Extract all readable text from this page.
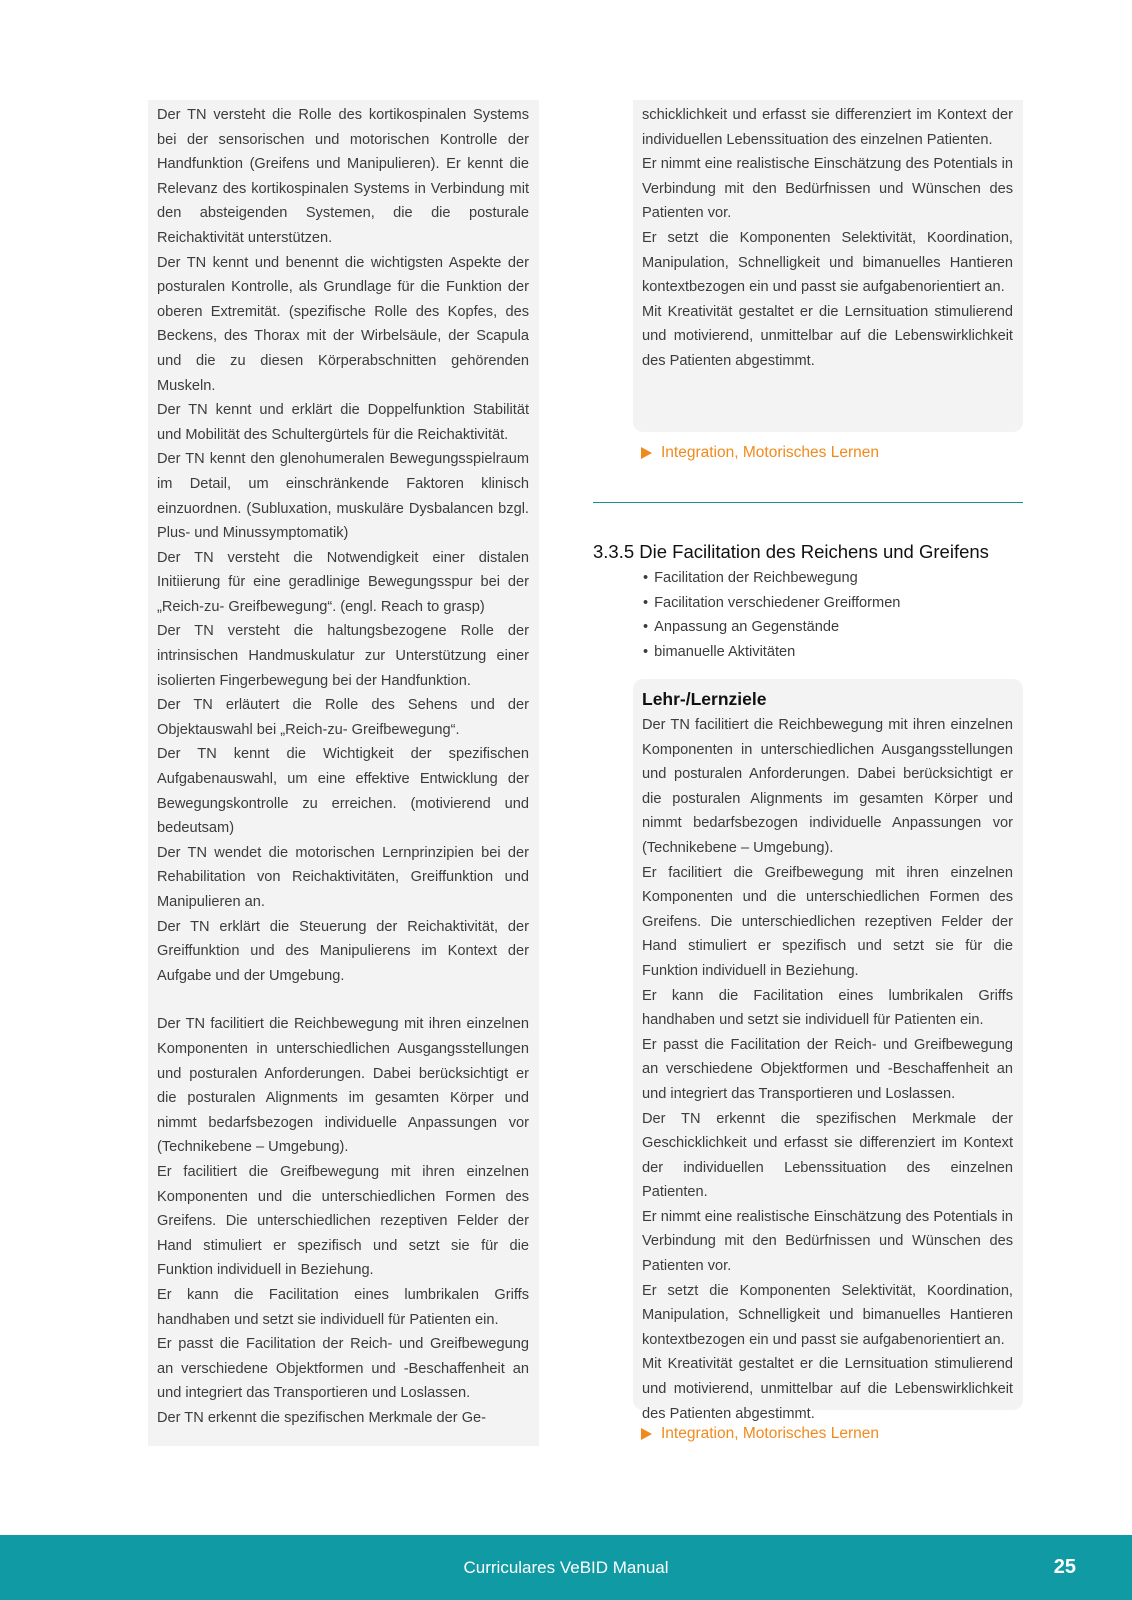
Der TN versteht die Rolle des kortikospinalen Systems bei der sensorischen und motorischen Kontrolle der Handfunktion (Greifens und Manipulieren). Er kennt die Relevanz des kortikospinalen Systems in Verbindung mit den absteigenden Systemen, die die posturale Reichaktivität unterstützen.

Der TN kennt und benennt die wichtigsten Aspekte der posturalen Kontrolle, als Grundlage für die Funktion der oberen Extremität. (spezifische Rolle des Kopfes, des Beckens, des Thorax mit der Wirbelsäule, der Scapula und die zu diesen Körperabschnitten gehörenden Muskeln.

Der TN kennt und erklärt die Doppelfunktion Stabilität und Mobilität des Schultergürtels für die Reichaktivität.

Der TN kennt den glenohumeralen Bewegungsspielraum im Detail, um einschränkende Faktoren klinisch einzuordnen. (Subluxation, muskuläre Dysbalancen bzgl. Plus- und Minussymptomatik)

Der TN versteht die Notwendigkeit einer distalen Initiierung für eine geradlinige Bewegungsspur bei der „Reich-zu- Greifbewegung“. (engl. Reach to grasp)

Der TN versteht die haltungsbezogene Rolle der intrinsischen Handmuskulatur zur Unterstützung einer isolierten Fingerbewegung bei der Handfunktion.

Der TN erläutert die Rolle des Sehens und der Objektauswahl bei „Reich-zu- Greifbewegung“.

Der TN kennt die Wichtigkeit der spezifischen Aufgabenauswahl, um eine effektive Entwicklung der Bewegungskontrolle zu erreichen. (motivierend und bedeutsam)

Der TN wendet die motorischen Lernprinzipien bei der Rehabilitation von Reichaktivitäten, Greiffunktion und Manipulieren an.

Der TN erklärt die Steuerung der Reichaktivität, der Greiffunktion und des Manipulierens im Kontext der Aufgabe und der Umgebung.

Der TN facilitiert die Reichbewegung mit ihren einzelnen Komponenten in unterschiedlichen Ausgangsstellungen und posturalen Anforderungen. Dabei berücksichtigt er die posturalen Alignments im gesamten Körper und nimmt bedarfsbezogen individuelle Anpassungen vor (Technikebene – Umgebung).

Er facilitiert die Greifbewegung mit ihren einzelnen Komponenten und die unterschiedlichen Formen des Greifens. Die unterschiedlichen rezeptiven Felder der Hand stimuliert er spezifisch und setzt sie für die Funktion individuell in Beziehung.

Er kann die Facilitation eines lumbrikalen Griffs handhaben und setzt sie individuell für Patienten ein.

Er passt die Facilitation der Reich- und Greifbewegung an verschiedene Objektformen und -Beschaffenheit an und integriert das Transportieren und Loslassen.

Der TN erkennt die spezifischen Merkmale der Ge-

schicklichkeit und erfasst sie differenziert im Kontext der individuellen Lebenssituation des einzelnen Patienten.

Er nimmt eine realistische Einschätzung des Potentials in Verbindung mit den Bedürfnissen und Wünschen des Patienten vor.

Er setzt die Komponenten Selektivität, Koordination, Manipulation, Schnelligkeit und bimanuelles Hantieren kontextbezogen ein und passt sie aufgabenorientiert an.

Mit Kreativität gestaltet er die Lernsituation stimulierend und motivierend, unmittelbar auf die Lebenswirklichkeit des Patienten abgestimmt.

Integration, Motorisches Lernen
3.3.5 Die Facilitation des Reichens und Greifens
• Facilitation der Reichbewegung
• Facilitation verschiedener Greifformen
• Anpassung an Gegenstände
• bimanuelle Aktivitäten
Lehr-/Lernziele

Der TN facilitiert die Reichbewegung mit ihren einzelnen Komponenten in unterschiedlichen Ausgangsstellungen und posturalen Anforderungen. Dabei berücksichtigt er die posturalen Alignments im gesamten Körper und nimmt bedarfsbezogen individuelle Anpassungen vor (Technikebene – Umgebung).

Er facilitiert die Greifbewegung mit ihren einzelnen Komponenten und die unterschiedlichen Formen des Greifens. Die unterschiedlichen rezeptiven Felder der Hand stimuliert er spezifisch und setzt sie für die Funktion individuell in Beziehung.

Er kann die Facilitation eines lumbrikalen Griffs handhaben und setzt sie individuell für Patienten ein.

Er passt die Facilitation der Reich- und Greifbewegung an verschiedene Objektformen und -Beschaffenheit an und integriert das Transportieren und Loslassen.

Der TN erkennt die spezifischen Merkmale der Geschicklichkeit und erfasst sie differenziert im Kontext der individuellen Lebenssituation des einzelnen Patienten.

Er nimmt eine realistische Einschätzung des Potentials in Verbindung mit den Bedürfnissen und Wünschen des Patienten vor.

Er setzt die Komponenten Selektivität, Koordination, Manipulation, Schnelligkeit und bimanuelles Hantieren kontextbezogen ein und passt sie aufgabenorientiert an.

Mit Kreativität gestaltet er die Lernsituation stimulierend und motivierend, unmittelbar auf die Lebenswirklichkeit des Patienten abgestimmt.

Integration, Motorisches Lernen
Curriculares VeBID Manual	25
